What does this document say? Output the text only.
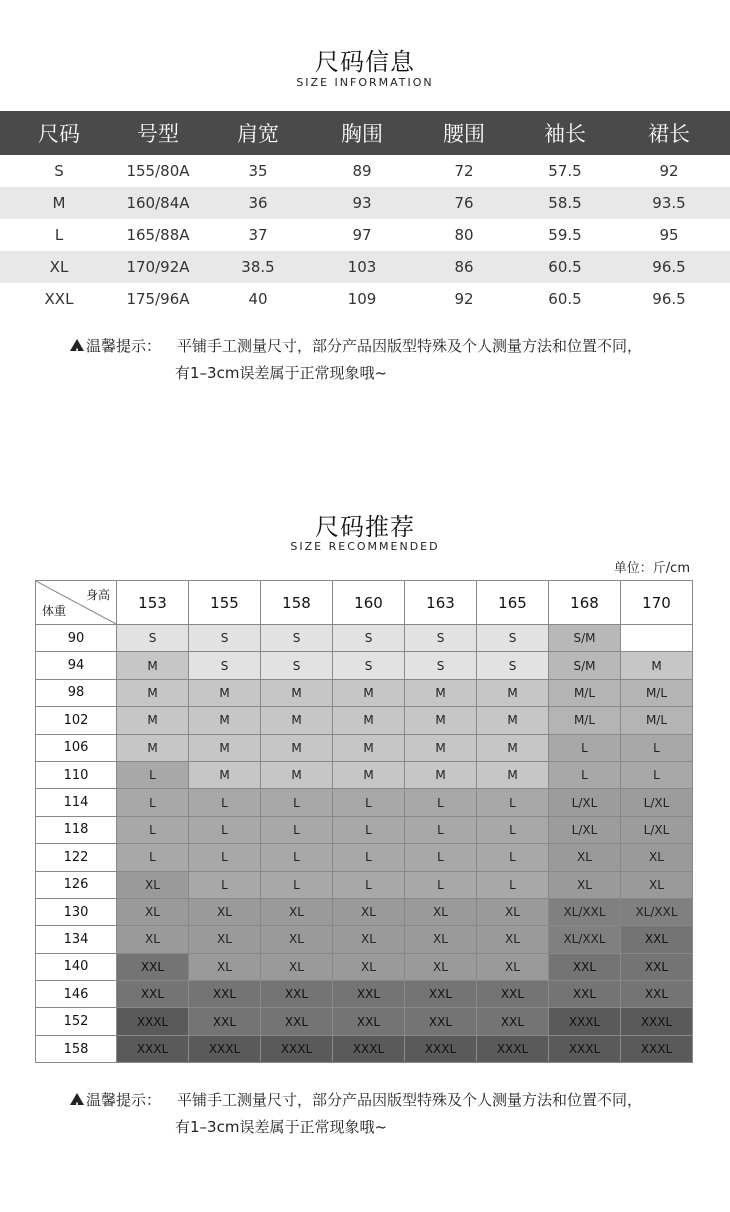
尺码信息
SIZE INFORMATION
尺码	号型	肩宽	胸围	腰围	袖长	裙长
S	155/80A	35	89	72	57.5	92
M	160/84A	36	93	76	58.5	93.5
L	165/88A	37	97	80	59.5	95
XL	170/92A	38.5	103	86	60.5	96.5
XXL	175/96A	40	109	92	60.5	96.5
!
温馨提示： 平铺手工测量尺寸，部分产品因版型特殊及个人测量方法和位置不同，
有1–3cm误差属于正常现象哦~
尺码推荐
SIZE RECOMMENDED
单位：斤/cm
身高
体重	153	155	158	160	163	165	168	170
90	S	S	S	S	S	S	S/M	
94	M	S	S	S	S	S	S/M	M
98	M	M	M	M	M	M	M/L	M/L
102	M	M	M	M	M	M	M/L	M/L
106	M	M	M	M	M	M	L	L
110	L	M	M	M	M	M	L	L
114	L	L	L	L	L	L	L/XL	L/XL
118	L	L	L	L	L	L	L/XL	L/XL
122	L	L	L	L	L	L	XL	XL
126	XL	L	L	L	L	L	XL	XL
130	XL	XL	XL	XL	XL	XL	XL/XXL	XL/XXL
134	XL	XL	XL	XL	XL	XL	XL/XXL	XXL
140	XXL	XL	XL	XL	XL	XL	XXL	XXL
146	XXL	XXL	XXL	XXL	XXL	XXL	XXL	XXL
152	XXXL	XXL	XXL	XXL	XXL	XXL	XXXL	XXXL
158	XXXL	XXXL	XXXL	XXXL	XXXL	XXXL	XXXL	XXXL
!
温馨提示： 平铺手工测量尺寸，部分产品因版型特殊及个人测量方法和位置不同，
有1–3cm误差属于正常现象哦~
